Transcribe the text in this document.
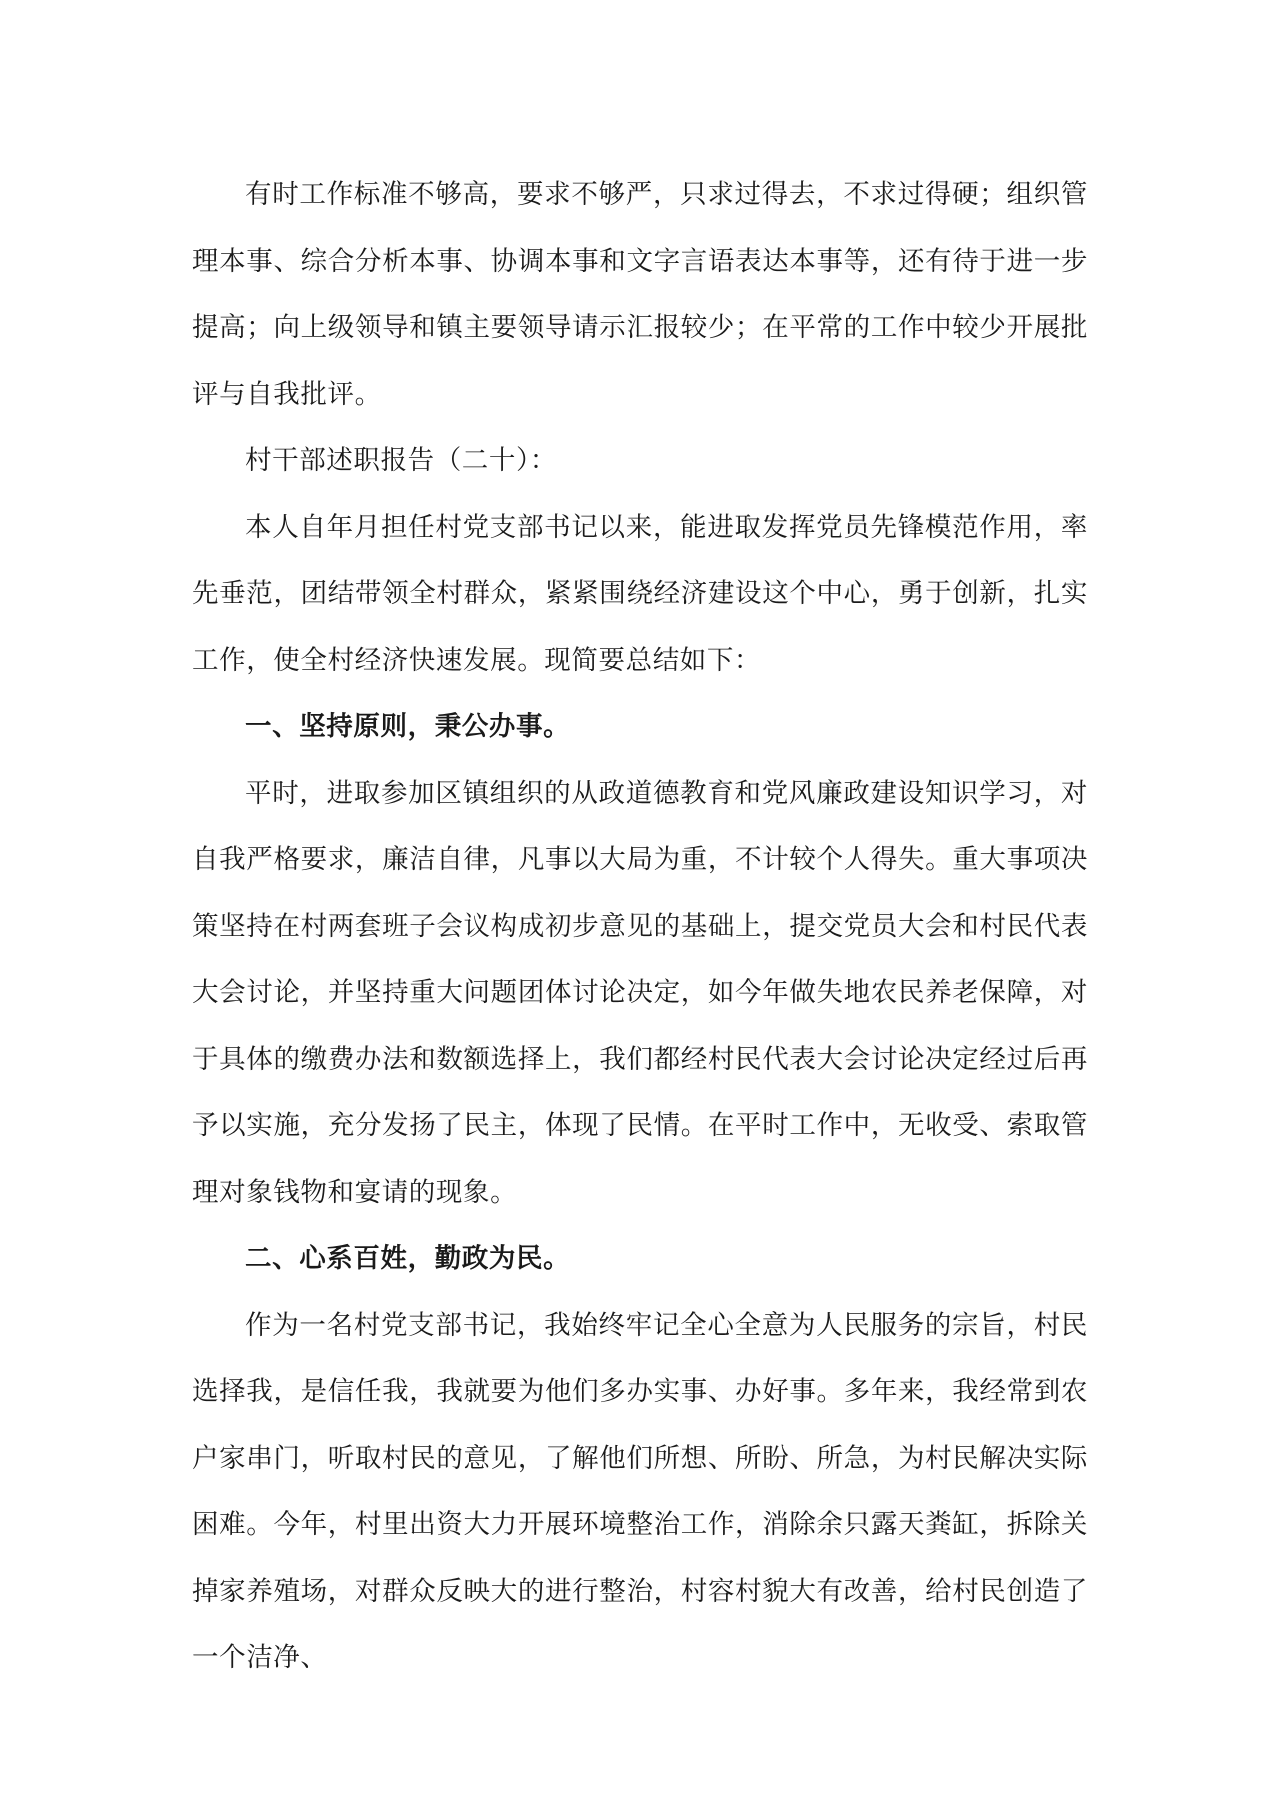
有时工作标准不够高，要求不够严，只求过得去，不求过得硬；组织管理本事、综合分析本事、协调本事和文字言语表达本事等，还有待于进一步提高；向上级领导和镇主要领导请示汇报较少；在平常的工作中较少开展批评与自我批评。

村干部述职报告（二十）：

本人自年月担任村党支部书记以来，能进取发挥党员先锋模范作用，率先垂范，团结带领全村群众，紧紧围绕经济建设这个中心，勇于创新，扎实工作，使全村经济快速发展。现简要总结如下：

一、坚持原则，秉公办事。

平时，进取参加区镇组织的从政道德教育和党风廉政建设知识学习，对自我严格要求，廉洁自律，凡事以大局为重，不计较个人得失。重大事项决策坚持在村两套班子会议构成初步意见的基础上，提交党员大会和村民代表大会讨论，并坚持重大问题团体讨论决定，如今年做失地农民养老保障，对于具体的缴费办法和数额选择上，我们都经村民代表大会讨论决定经过后再予以实施，充分发扬了民主，体现了民情。在平时工作中，无收受、索取管理对象钱物和宴请的现象。

二、心系百姓，勤政为民。

作为一名村党支部书记，我始终牢记全心全意为人民服务的宗旨，村民选择我，是信任我，我就要为他们多办实事、办好事。多年来，我经常到农户家串门，听取村民的意见，了解他们所想、所盼、所急，为村民解决实际困难。今年，村里出资大力开展环境整治工作，消除余只露天粪缸，拆除关掉家养殖场，对群众反映大的进行整治，村容村貌大有改善，给村民创造了一个洁净、
